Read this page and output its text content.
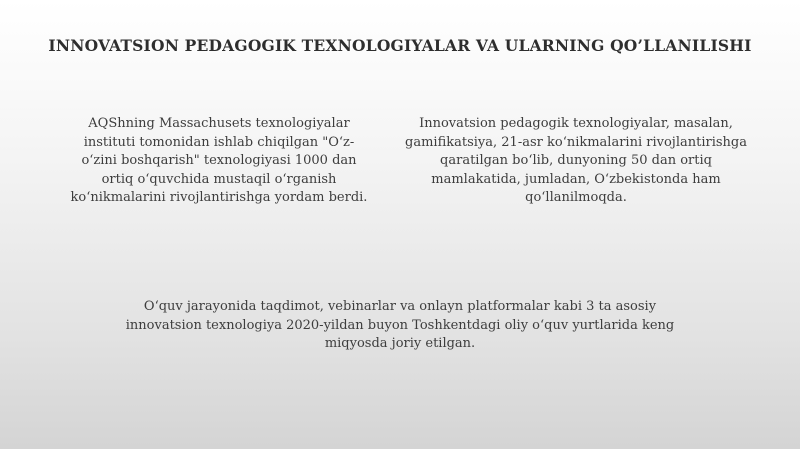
INNOVATSION PEDAGOGIK TEXNOLOGIYALAR VA ULARNING QO’LLANILISHI
AQShning Massachusets texnologiyalar instituti tomonidan ishlab chiqilgan "O‘z-o‘zini boshqarish" texnologiyasi 1000 dan ortiq o‘quvchida mustaqil o‘rganish ko‘nikmalarini rivojlantirishga yordam berdi.
Innovatsion pedagogik texnologiyalar, masalan, gamifikatsiya, 21-asr ko‘nikmalarini rivojlantirishga qaratilgan bo‘lib, dunyoning 50 dan ortiq mamlakatida, jumladan, O‘zbekistonda ham qo‘llanilmoqda.
O‘quv jarayonida taqdimot, vebinarlar va onlayn platformalar kabi 3 ta asosiy innovatsion texnologiya 2020-yildan buyon Toshkentdagi oliy o‘quv yurtlarida keng miqyosda joriy etilgan.
